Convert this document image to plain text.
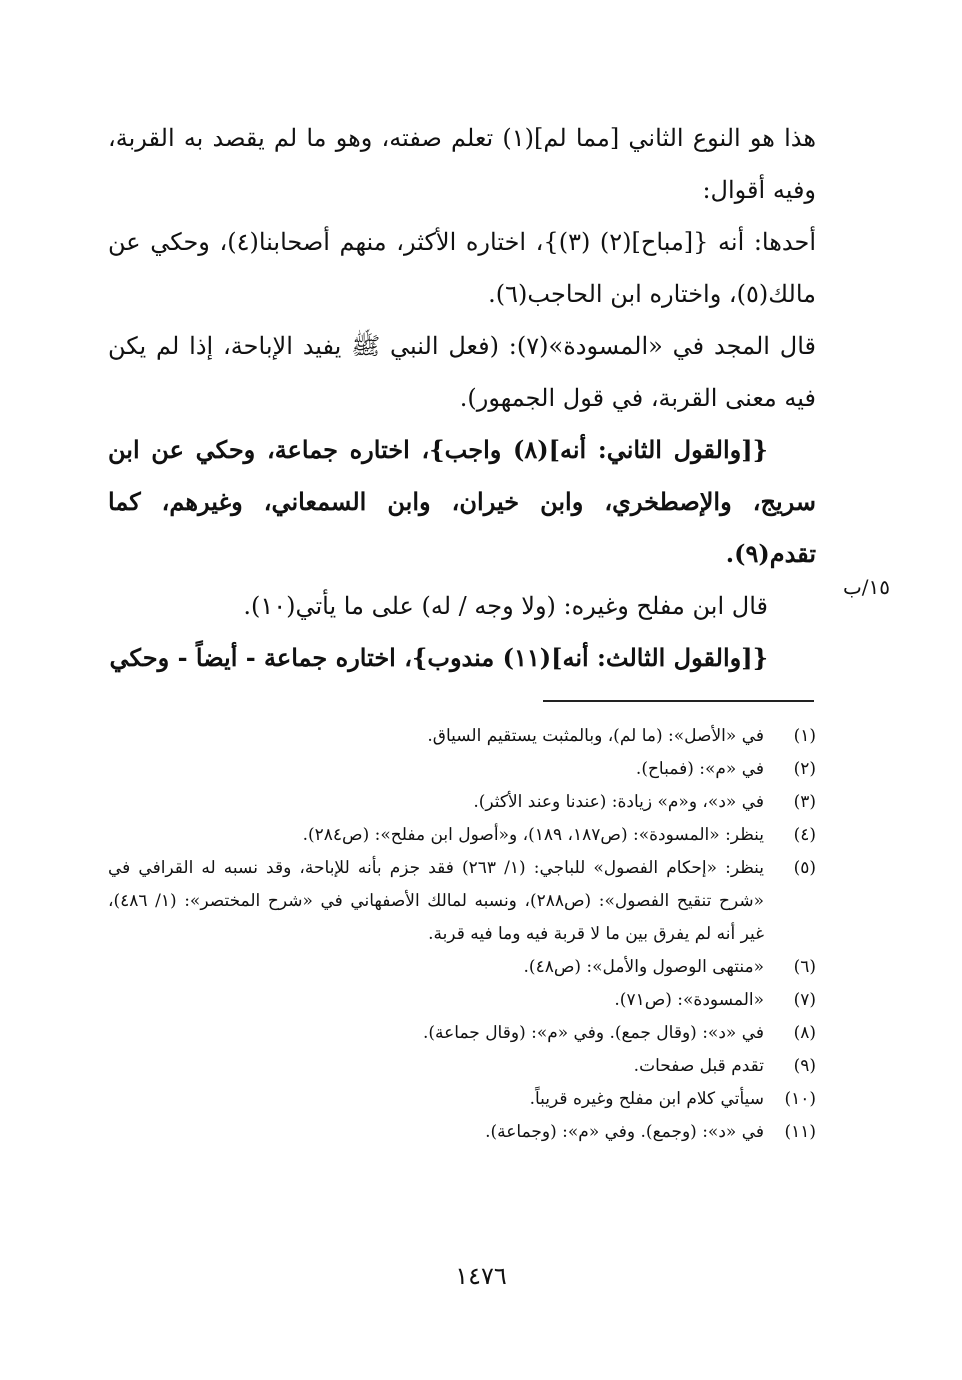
هذا هو النوع الثاني [مما لم](١) تعلم صفته، وهو ما لم يقصد به القربة، وفيه أقوال:

أحدها: أنه {[مباح](٢) (٣)}، اختاره الأكثر، منهم أصحابنا(٤)، وحكي عن مالك(٥)، واختاره ابن الحاجب(٦).

قال المجد في «المسودة»(٧): (فعل النبي ﷺ يفيد الإباحة، إذا لم يكن فيه معنى القربة، في قول الجمهور).

{[والقول الثاني: أنه](٨) واجب}، اختاره جماعة، وحكي عن ابن سريج، والإصطخري، وابن خيران، وابن السمعاني، وغيرهم، كما تقدم(٩).

قال ابن مفلح وغيره: (ولا وجه / له) على ما يأتي(١٠).

{[والقول الثالث: أنه](١١) مندوب}، اختاره جماعة - أيضاً - وحكي

١٥/ب
(١)
في «الأصل»: (ما لم)، وبالمثبت يستقيم السياق.
(٢)
في «م»: (فمباح).
(٣)
في «د»، و«م» زيادة: (عندنا وعند الأكثر).
(٤)
ينظر: «المسودة»: (ص١٨٧، ١٨٩)، و«أصول ابن مفلح»: (ص٢٨٤).
(٥)
ينظر: «إحكام الفصول» للباجي: (١/ ٢٦٣) فقد جزم بأنه للإباحة، وقد نسبه له القرافي في «شرح تنقيح الفصول»: (ص٢٨٨)، ونسبه لمالك الأصفهاني في «شرح المختصر»: (١/ ٤٨٦)، غير أنه لم يفرق بين ما لا قربة فيه وما فيه قربة.
(٦)
«منتهى الوصول والأمل»: (ص٤٨).
(٧)
«المسودة»: (ص٧١).
(٨)
في «د»: (وقال جمع). وفي «م»: (وقال جماعة).
(٩)
تقدم قبل صفحات.
(١٠)
سيأتي كلام ابن مفلح وغيره قريباً.
(١١)
في «د»: (وجمع). وفي «م»: (وجماعة).
١٤٧٦
